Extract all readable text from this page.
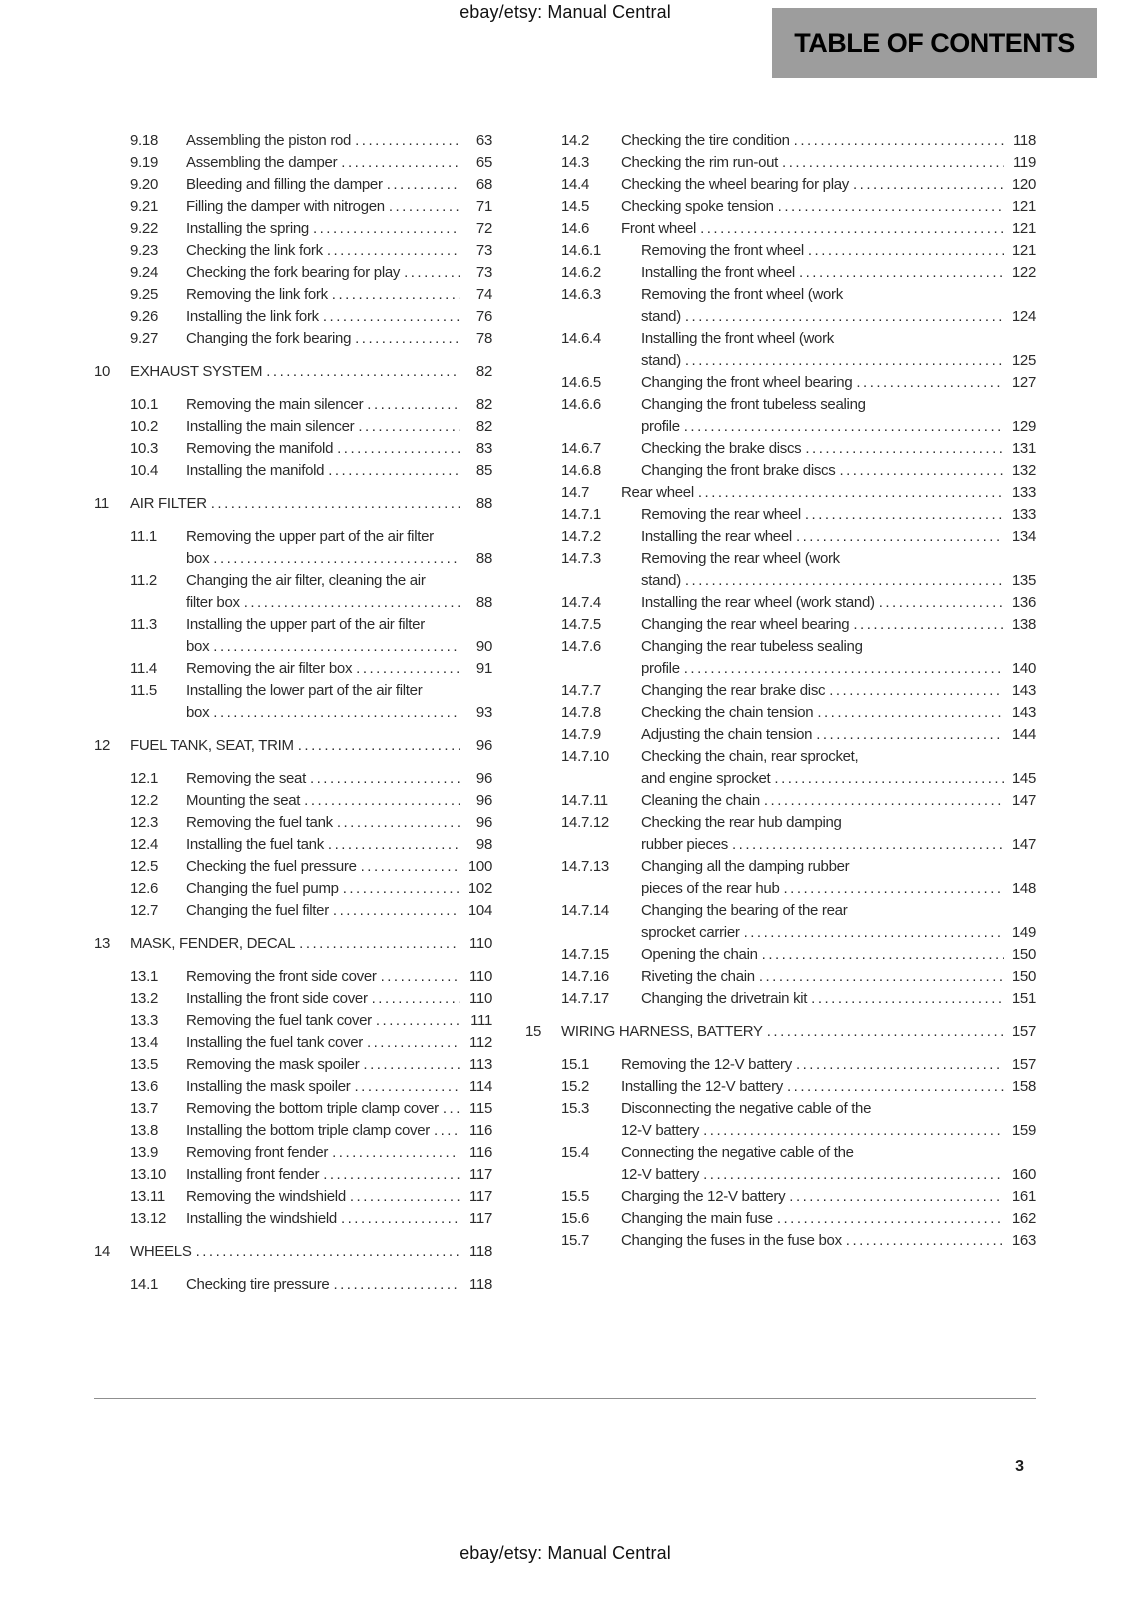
ebay/etsy: Manual Central
TABLE OF CONTENTS
9.18	Assembling the piston rod .....	63
9.19	Assembling the damper .....	65
9.20	Bleeding and filling the damper .....	68
9.21	Filling the damper with nitrogen .....	71
9.22	Installing the spring .....	72
9.23	Checking the link fork .....	73
9.24	Checking the fork bearing for play .....	73
9.25	Removing the link fork .....	74
9.26	Installing the link fork .....	76
9.27	Changing the fork bearing .....	78
10	EXHAUST SYSTEM .....	82
10.1	Removing the main silencer .....	82
10.2	Installing the main silencer .....	82
10.3	Removing the manifold .....	83
10.4	Installing the manifold .....	85
11	AIR FILTER .....	88
11.1	Removing the upper part of the air filter box .....	88
11.2	Changing the air filter, cleaning the air filter box .....	88
11.3	Installing the upper part of the air filter box .....	90
11.4	Removing the air filter box .....	91
11.5	Installing the lower part of the air filter box .....	93
12	FUEL TANK, SEAT, TRIM .....	96
12.1	Removing the seat .....	96
12.2	Mounting the seat .....	96
12.3	Removing the fuel tank .....	96
12.4	Installing the fuel tank .....	98
12.5	Checking the fuel pressure .....	100
12.6	Changing the fuel pump .....	102
12.7	Changing the fuel filter .....	104
13	MASK, FENDER, DECAL .....	110
13.1	Removing the front side cover .....	110
13.2	Installing the front side cover .....	110
13.3	Removing the fuel tank cover .....	111
13.4	Installing the fuel tank cover .....	112
13.5	Removing the mask spoiler .....	113
13.6	Installing the mask spoiler .....	114
13.7	Removing the bottom triple clamp cover .....	115
13.8	Installing the bottom triple clamp cover .....	116
13.9	Removing front fender .....	116
13.10	Installing front fender .....	117
13.11	Removing the windshield .....	117
13.12	Installing the windshield .....	117
14	WHEELS .....	118
14.1	Checking tire pressure .....	118
14.2	Checking the tire condition .....	118
14.3	Checking the rim run-out .....	119
14.4	Checking the wheel bearing for play .....	120
14.5	Checking spoke tension .....	121
14.6	Front wheel .....	121
14.6.1	Removing the front wheel .....	121
14.6.2	Installing the front wheel .....	122
14.6.3	Removing the front wheel (work stand) .....	124
14.6.4	Installing the front wheel (work stand) .....	125
14.6.5	Changing the front wheel bearing .....	127
14.6.6	Changing the front tubeless sealing profile .....	129
14.6.7	Checking the brake discs .....	131
14.6.8	Changing the front brake discs .....	132
14.7	Rear wheel .....	133
14.7.1	Removing the rear wheel .....	133
14.7.2	Installing the rear wheel .....	134
14.7.3	Removing the rear wheel (work stand) .....	135
14.7.4	Installing the rear wheel (work stand) .....	136
14.7.5	Changing the rear wheel bearing .....	138
14.7.6	Changing the rear tubeless sealing profile .....	140
14.7.7	Changing the rear brake disc .....	143
14.7.8	Checking the chain tension .....	143
14.7.9	Adjusting the chain tension .....	144
14.7.10	Checking the chain, rear sprocket, and engine sprocket .....	145
14.7.11	Cleaning the chain .....	147
14.7.12	Checking the rear hub damping rubber pieces .....	147
14.7.13	Changing all the damping rubber pieces of the rear hub .....	148
14.7.14	Changing the bearing of the rear sprocket carrier .....	149
14.7.15	Opening the chain .....	150
14.7.16	Riveting the chain .....	150
14.7.17	Changing the drivetrain kit .....	151
15	WIRING HARNESS, BATTERY .....	157
15.1	Removing the 12-V battery .....	157
15.2	Installing the 12-V battery .....	158
15.3	Disconnecting the negative cable of the 12-V battery .....	159
15.4	Connecting the negative cable of the 12-V battery .....	160
15.5	Charging the 12-V battery .....	161
15.6	Changing the main fuse .....	162
15.7	Changing the fuses in the fuse box .....	163
3
ebay/etsy: Manual Central
